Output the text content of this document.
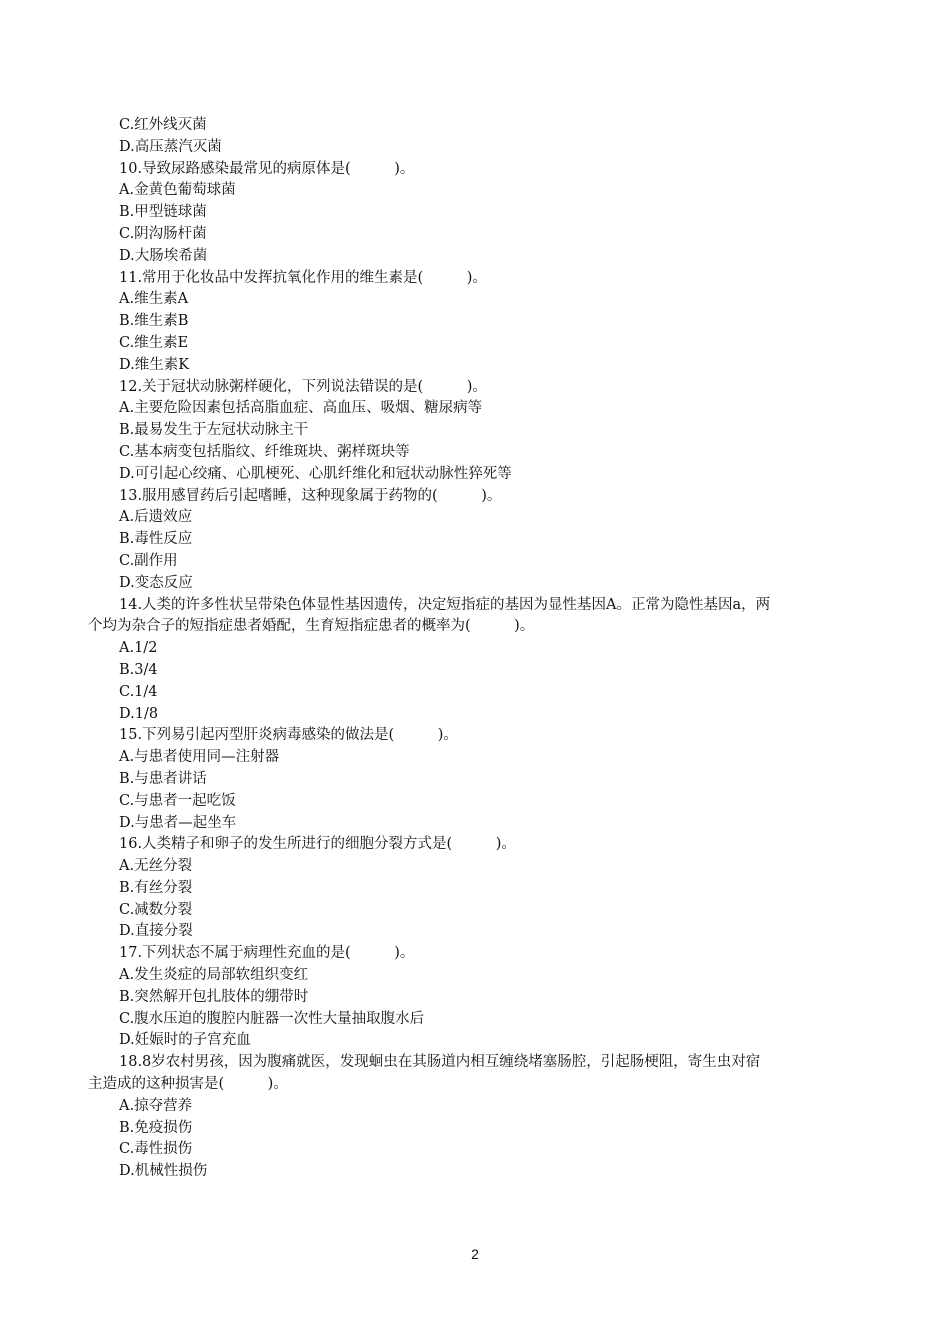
C.红外线灭菌
D.高压蒸汽灭菌
10.导致尿路感染最常见的病原体是(　　　)。
A.金黄色葡萄球菌
B.甲型链球菌
C.阴沟肠杆菌
D.大肠埃希菌
11.常用于化妆品中发挥抗氧化作用的维生素是(　　　)。
A.维生素A
B.维生素B
C.维生素E
D.维生素K
12.关于冠状动脉粥样硬化，下列说法错误的是(　　　)。
A.主要危险因素包括高脂血症、高血压、吸烟、糖尿病等
B.最易发生于左冠状动脉主干
C.基本病变包括脂纹、纤维斑块、粥样斑块等
D.可引起心绞痛、心肌梗死、心肌纤维化和冠状动脉性猝死等
13.服用感冒药后引起嗜睡，这种现象属于药物的(　　　)。
A.后遗效应
B.毒性反应
C.副作用
D.变态反应
14.人类的许多性状呈带染色体显性基因遗传，决定短指症的基因为显性基因A。正常为隐性基因a，两
个均为杂合子的短指症患者婚配，生育短指症患者的概率为(　　　)。
A.1/2
B.3/4
C.1/4
D.1/8
15.下列易引起丙型肝炎病毒感染的做法是(　　　)。
A.与患者使用同—注射器
B.与患者讲话
C.与患者一起吃饭
D.与患者—起坐车
16.人类精子和卵子的发生所进行的细胞分裂方式是(　　　)。
A.无丝分裂
B.有丝分裂
C.减数分裂
D.直接分裂
17.下列状态不属于病理性充血的是(　　　)。
A.发生炎症的局部软组织变红
B.突然解开包扎肢体的绷带时
C.腹水压迫的腹腔内脏器一次性大量抽取腹水后
D.妊娠时的子宫充血
18.8岁农村男孩，因为腹痛就医，发现蛔虫在其肠道内相互缠绕堵塞肠腔，引起肠梗阻，寄生虫对宿
主造成的这种损害是(　　　)。
A.掠夺营养
B.免疫损伤
C.毒性损伤
D.机械性损伤
2
